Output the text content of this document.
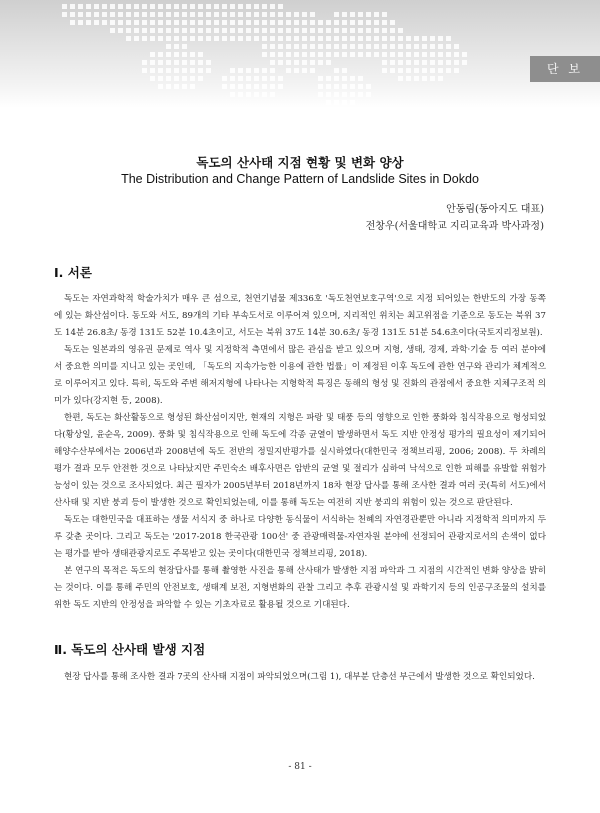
단 보
독도의 산사태 지점 현황 및 변화 양상
The Distribution and Change Pattern of Landslide Sites in Dokdo
안동림(동아지도 대표)
전창우(서울대학교 지리교육과 박사과정)
Ⅰ. 서론

독도는 자연과학적 학술가치가 매우 큰 섬으로, 천연기념물 제336호 '독도천연보호구역'으로 지정 되어있는 한반도의 가장 동쪽에 있는 화산섬이다. 동도와 서도, 89개의 기타 부속도서로 이루어져 있으며, 지리적인 위치는 최고위점을 기준으로 동도는 북위 37도 14분 26.8초/ 동경 131도 52분 10.4초이고, 서도는 북위 37도 14분 30.6초/ 동경 131도 51분 54.6초이다(국토지리정보원).

독도는 일본과의 영유권 문제로 역사 및 지정학적 측면에서 많은 관심을 받고 있으며 지형, 생태, 경제, 과학·기술 등 여러 분야에서 중요한 의미를 지니고 있는 곳인데, 「독도의 지속가능한 이용에 관한 법률」이 제정된 이후 독도에 관한 연구와 관리가 체계적으로 이루어지고 있다. 특히, 독도와 주변 해저지형에 나타나는 지형학적 특징은 동해의 형성 및 진화의 관점에서 중요한 지체구조적 의미가 있다(강지현 등, 2008).

한편, 독도는 화산활동으로 형성된 화산섬이지만, 현재의 지형은 파랑 및 태풍 등의 영향으로 인한 풍화와 침식작용으로 형성되었다(황상일, 윤순옥, 2009). 풍화 및 침식작용으로 인해 독도에 각종 균열이 발생하면서 독도 지반 안정성 평가의 필요성이 제기되어 해양수산부에서는 2006년과 2008년에 독도 전반의 정밀지반평가를 실시하였다(대한민국 정책브리핑, 2006; 2008). 두 차례의 평가 결과 모두 안전한 것으로 나타났지만 주민숙소 배후사면은 암반의 균열 및 절리가 심하여 낙석으로 인한 피해를 유발할 위험가능성이 있는 것으로 조사되었다. 최근 필자가 2005년부터 2018년까지 18차 현장 답사를 통해 조사한 결과 여러 곳(특히 서도)에서 산사태 및 지반 붕괴 등이 발생한 것으로 확인되었는데, 이를 통해 독도는 여전히 지반 붕괴의 위험이 있는 것으로 판단된다.

독도는 대한민국을 대표하는 생물 서식지 중 하나로 다양한 동식물이 서식하는 천혜의 자연경관뿐만 아니라 지정학적 의미까지 두루 갖춘 곳이다. 그리고 독도는 '2017-2018 한국관광 100선' 중 관광매력물-자연자원 분야에 선정되어 관광지로서의 손색이 없다는 평가를 받아 생태관광지로도 주목받고 있는 곳이다(대한민국 정책브리핑, 2018).

본 연구의 목적은 독도의 현장답사를 통해 촬영한 사진을 통해 산사태가 발생한 지점 파악과 그 지점의 시간적인 변화 양상을 밝히는 것이다. 이를 통해 주민의 안전보호, 생태계 보전, 지형변화의 관찰 그리고 추후 관광시설 및 과학기지 등의 인공구조물의 설치를 위한 독도 지반의 안정성을 파악할 수 있는 기초자료로 활용될 것으로 기대된다.

Ⅱ. 독도의 산사태 발생 지점

현장 답사를 통해 조사한 결과 7곳의 산사태 지점이 파악되었으며(그림 1), 대부분 단층선 부근에서 발생한 것으로 확인되었다.

- 81 -
